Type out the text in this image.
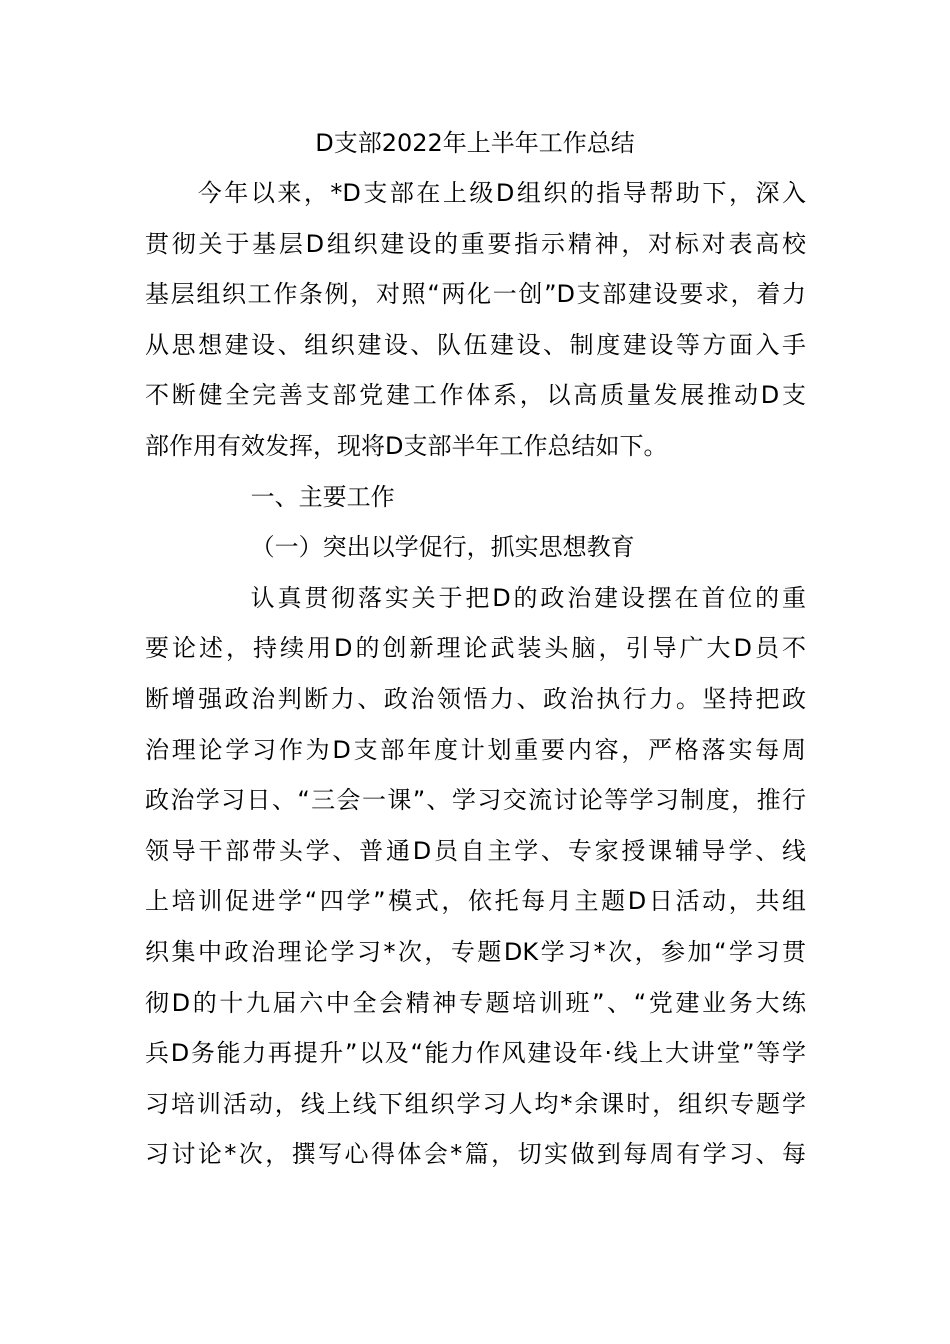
D支部2022年上半年工作总结
今年以来，*D支部在上级D组织的指导帮助下，深入
贯彻关于基层D组织建设的重要指示精神，对标对表高校
基层组织工作条例，对照“两化一创”D支部建设要求，着力
从思想建设、组织建设、队伍建设、制度建设等方面入手
不断健全完善支部党建工作体系，以高质量发展推动D支
部作用有效发挥，现将D支部半年工作总结如下。
一、主要工作
（一）突出以学促行，抓实思想教育
认真贯彻落实关于把D的政治建设摆在首位的重
要论述，持续用D的创新理论武装头脑，引导广大D员不
断增强政治判断力、政治领悟力、政治执行力。坚持把政
治理论学习作为D支部年度计划重要内容，严格落实每周
政治学习日、“三会一课”、学习交流讨论等学习制度，推行
领导干部带头学、普通D员自主学、专家授课辅导学、线
上培训促进学“四学”模式，依托每月主题D日活动，共组
织集中政治理论学习*次，专题DK学习*次，参加“学习贯
彻D的十九届六中全会精神专题培训班”、“党建业务大练
兵D务能力再提升”以及“能力作风建设年·线上大讲堂”等学
习培训活动，线上线下组织学习人均*余课时，组织专题学
习讨论*次，撰写心得体会*篇，切实做到每周有学习、每
